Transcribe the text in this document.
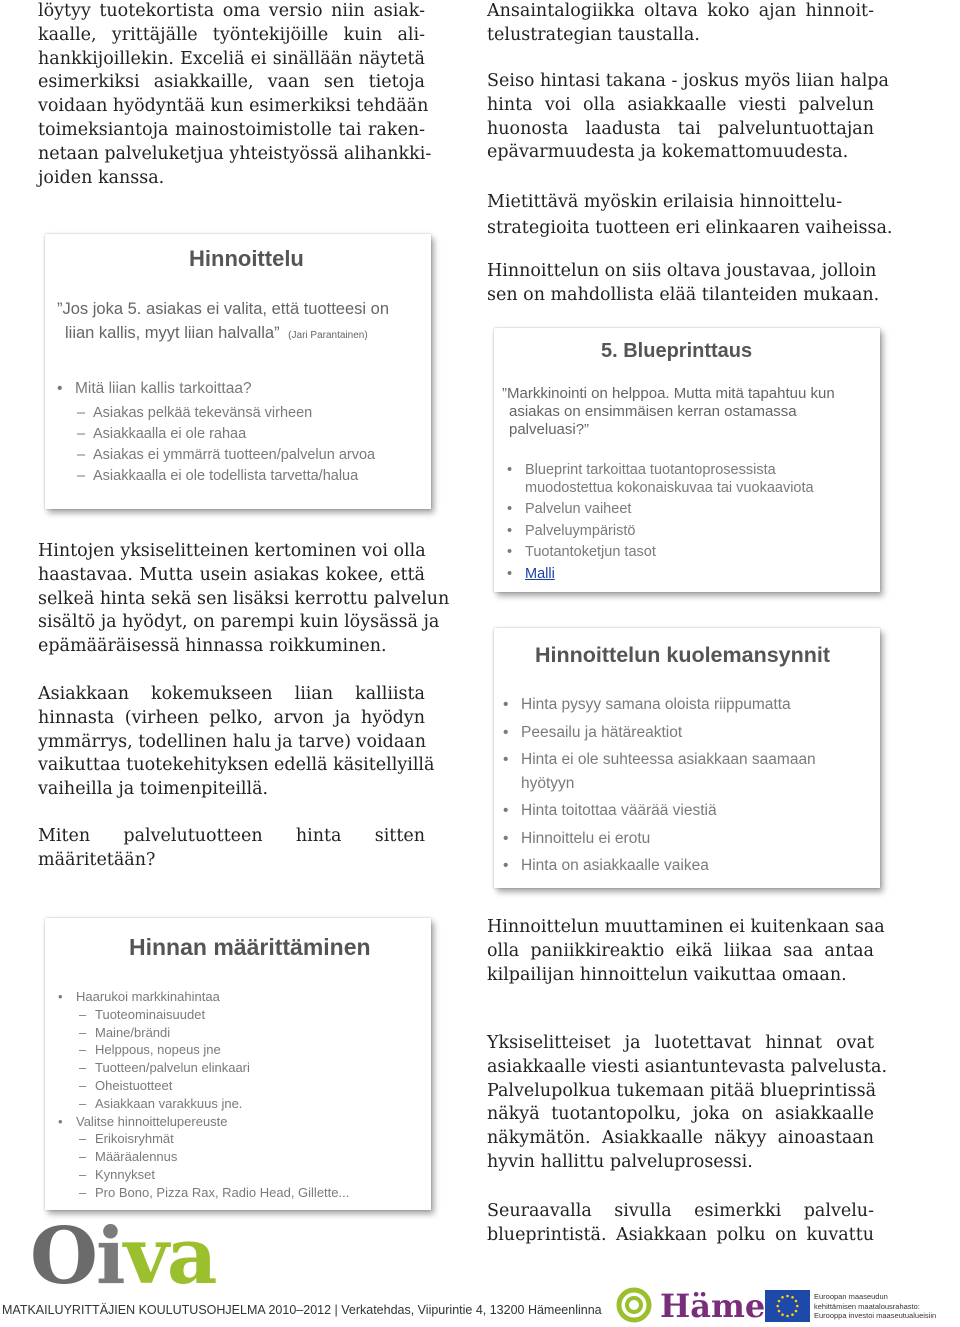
löytyy tuotekortista oma versio niin asiak-
kaalle, yrittäjälle työntekijöille kuin ali-
hankkijoillekin. Exceliä ei sinällään näytetä
esimerkiksi asiakkaille, vaan sen tietoja
voidaan hyödyntää kun esimerkiksi tehdään
toimeksiantoja mainostoimistolle tai raken-
netaan palveluketjua yhteistyössä alihankki-
joiden kanssa.
Hinnoittelu
”Jos joka 5. asiakas ei valita, että tuotteesi on
liian kallis, myyt liian halvalla” (Jari Parantainen)
• Mitä liian kallis tarkoittaa?
– Asiakas pelkää tekevänsä virheen
– Asiakkaalla ei ole rahaa
– Asiakas ei ymmärrä tuotteen/palvelun arvoa
– Asiakkaalla ei ole todellista tarvetta/halua
Hintojen yksiselitteinen kertominen voi olla
haastavaa. Mutta usein asiakas kokee, että
selkeä hinta sekä sen lisäksi kerrottu palvelun
sisältö ja hyödyt, on parempi kuin löysässä ja
epämääräisessä hinnassa roikkuminen.
Asiakkaan kokemukseen liian kalliista
hinnasta (virheen pelko, arvon ja hyödyn
ymmärrys, todellinen halu ja tarve) voidaan
vaikuttaa tuotekehityksen edellä käsitellyillä
vaiheilla ja toimenpiteillä.
Miten palvelutuotteen hinta sitten
määritetään?
Hinnan määrittäminen
• Haarukoi markkinahintaa
– Tuoteominaisuudet
– Maine/brändi
– Helppous, nopeus jne
– Tuotteen/palvelun elinkaari
– Oheistuotteet
– Asiakkaan varakkuus jne.
• Valitse hinnoittelupereuste
– Erikoisryhmät
– Määräalennus
– Kynnykset
– Pro Bono, Pizza Rax, Radio Head, Gillette...
Ansaintalogiikka oltava koko ajan hinnoit-
telustrategian taustalla.
Seiso hintasi takana - joskus myös liian halpa
hinta voi olla asiakkaalle viesti palvelun
huonosta laadusta tai palveluntuottajan
epävarmuudesta ja kokemattomuudesta.
Mietittävä myöskin erilaisia hinnoittelu-
strategioita tuotteen eri elinkaaren vaiheissa.
Hinnoittelun on siis oltava joustavaa, jolloin
sen on mahdollista elää tilanteiden mukaan.
5. Blueprinttaus
”Markkinointi on helppoa. Mutta mitä tapahtuu kun
asiakas on ensimmäisen kerran ostamassa
palveluasi?”
• Blueprint tarkoittaa tuotantoprosessista
muodostettua kokonaiskuvaa tai vuokaaviota
• Palvelun vaiheet
• Palveluympäristö
• Tuotantoketjun tasot
• Malli
Hinnoittelun kuolemansynnit
• Hinta pysyy samana oloista riippumatta
• Peesailu ja hätäreaktiot
• Hinta ei ole suhteessa asiakkaan saamaan
hyötyyn
• Hinta toitottaa väärää viestiä
• Hinnoittelu ei erotu
• Hinta on asiakkaalle vaikea
Hinnoittelun muuttaminen ei kuitenkaan saa
olla paniikkireaktio eikä liikaa saa antaa
kilpailijan hinnoittelun vaikuttaa omaan.
Yksiselitteiset ja luotettavat hinnat ovat
asiakkaalle viesti asiantuntevasta palvelusta.
Palvelupolkua tukemaan pitää blueprintissä
näkyä tuotantopolku, joka on asiakkaalle
näkymätön. Asiakkaalle näkyy ainoastaan
hyvin hallittu palveluprosessi.
Seuraavalla sivulla esimerkki palvelu-
blueprintistä. Asiakkaan polku on kuvattu
Oiva
MATKAILUYRITTÄJIEN KOULUTUSOHJELMA 2010–2012 | Verkatehdas, Viipurintie 4, 13200 Hämeenlinna Häme	Euroopan maaseudun
kehittämisen maatalousrahasto:
Eurooppa investoi maaseutualueisiin
